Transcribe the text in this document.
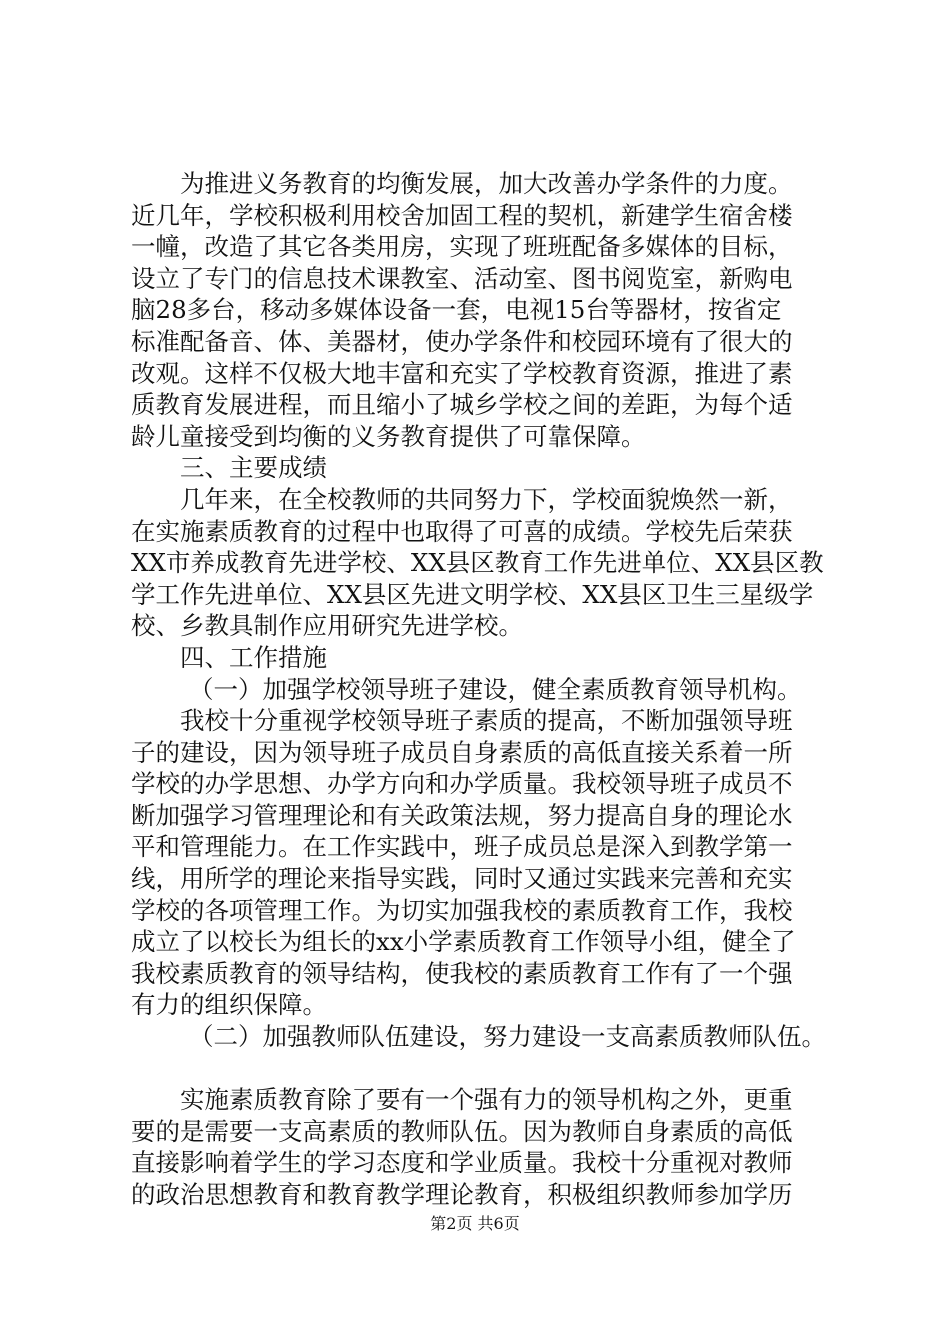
为推进义务教育的均衡发展，加大改善办学条件的力度。
近几年，学校积极利用校舍加固工程的契机，新建学生宿舍楼
一幢，改造了其它各类用房，实现了班班配备多媒体的目标，
设立了专门的信息技术课教室、活动室、图书阅览室，新购电
脑28多台，移动多媒体设备一套，电视15台等器材，按省定
标准配备音、体、美器材，使办学条件和校园环境有了很大的
改观。这样不仅极大地丰富和充实了学校教育资源，推进了素
质教育发展进程，而且缩小了城乡学校之间的差距，为每个适
龄儿童接受到均衡的义务教育提供了可靠保障。
三、主要成绩
几年来，在全校教师的共同努力下，学校面貌焕然一新，
在实施素质教育的过程中也取得了可喜的成绩。学校先后荣获
XX市养成教育先进学校、XX县区教育工作先进单位、XX县区教
学工作先进单位、XX县区先进文明学校、XX县区卫生三星级学
校、乡教具制作应用研究先进学校。
四、工作措施
（一）加强学校领导班子建设，健全素质教育领导机构。
我校十分重视学校领导班子素质的提高，不断加强领导班
子的建设，因为领导班子成员自身素质的高低直接关系着一所
学校的办学思想、办学方向和办学质量。我校领导班子成员不
断加强学习管理理论和有关政策法规，努力提高自身的理论水
平和管理能力。在工作实践中，班子成员总是深入到教学第一
线，用所学的理论来指导实践，同时又通过实践来完善和充实
学校的各项管理工作。为切实加强我校的素质教育工作，我校
成立了以校长为组长的xx小学素质教育工作领导小组，健全了
我校素质教育的领导结构，使我校的素质教育工作有了一个强
有力的组织保障。
（二）加强教师队伍建设，努力建设一支高素质教师队伍。
实施素质教育除了要有一个强有力的领导机构之外，更重
要的是需要一支高素质的教师队伍。因为教师自身素质的高低
直接影响着学生的学习态度和学业质量。我校十分重视对教师
的政治思想教育和教育教学理论教育，积极组织教师参加学历
第2页 共6页
